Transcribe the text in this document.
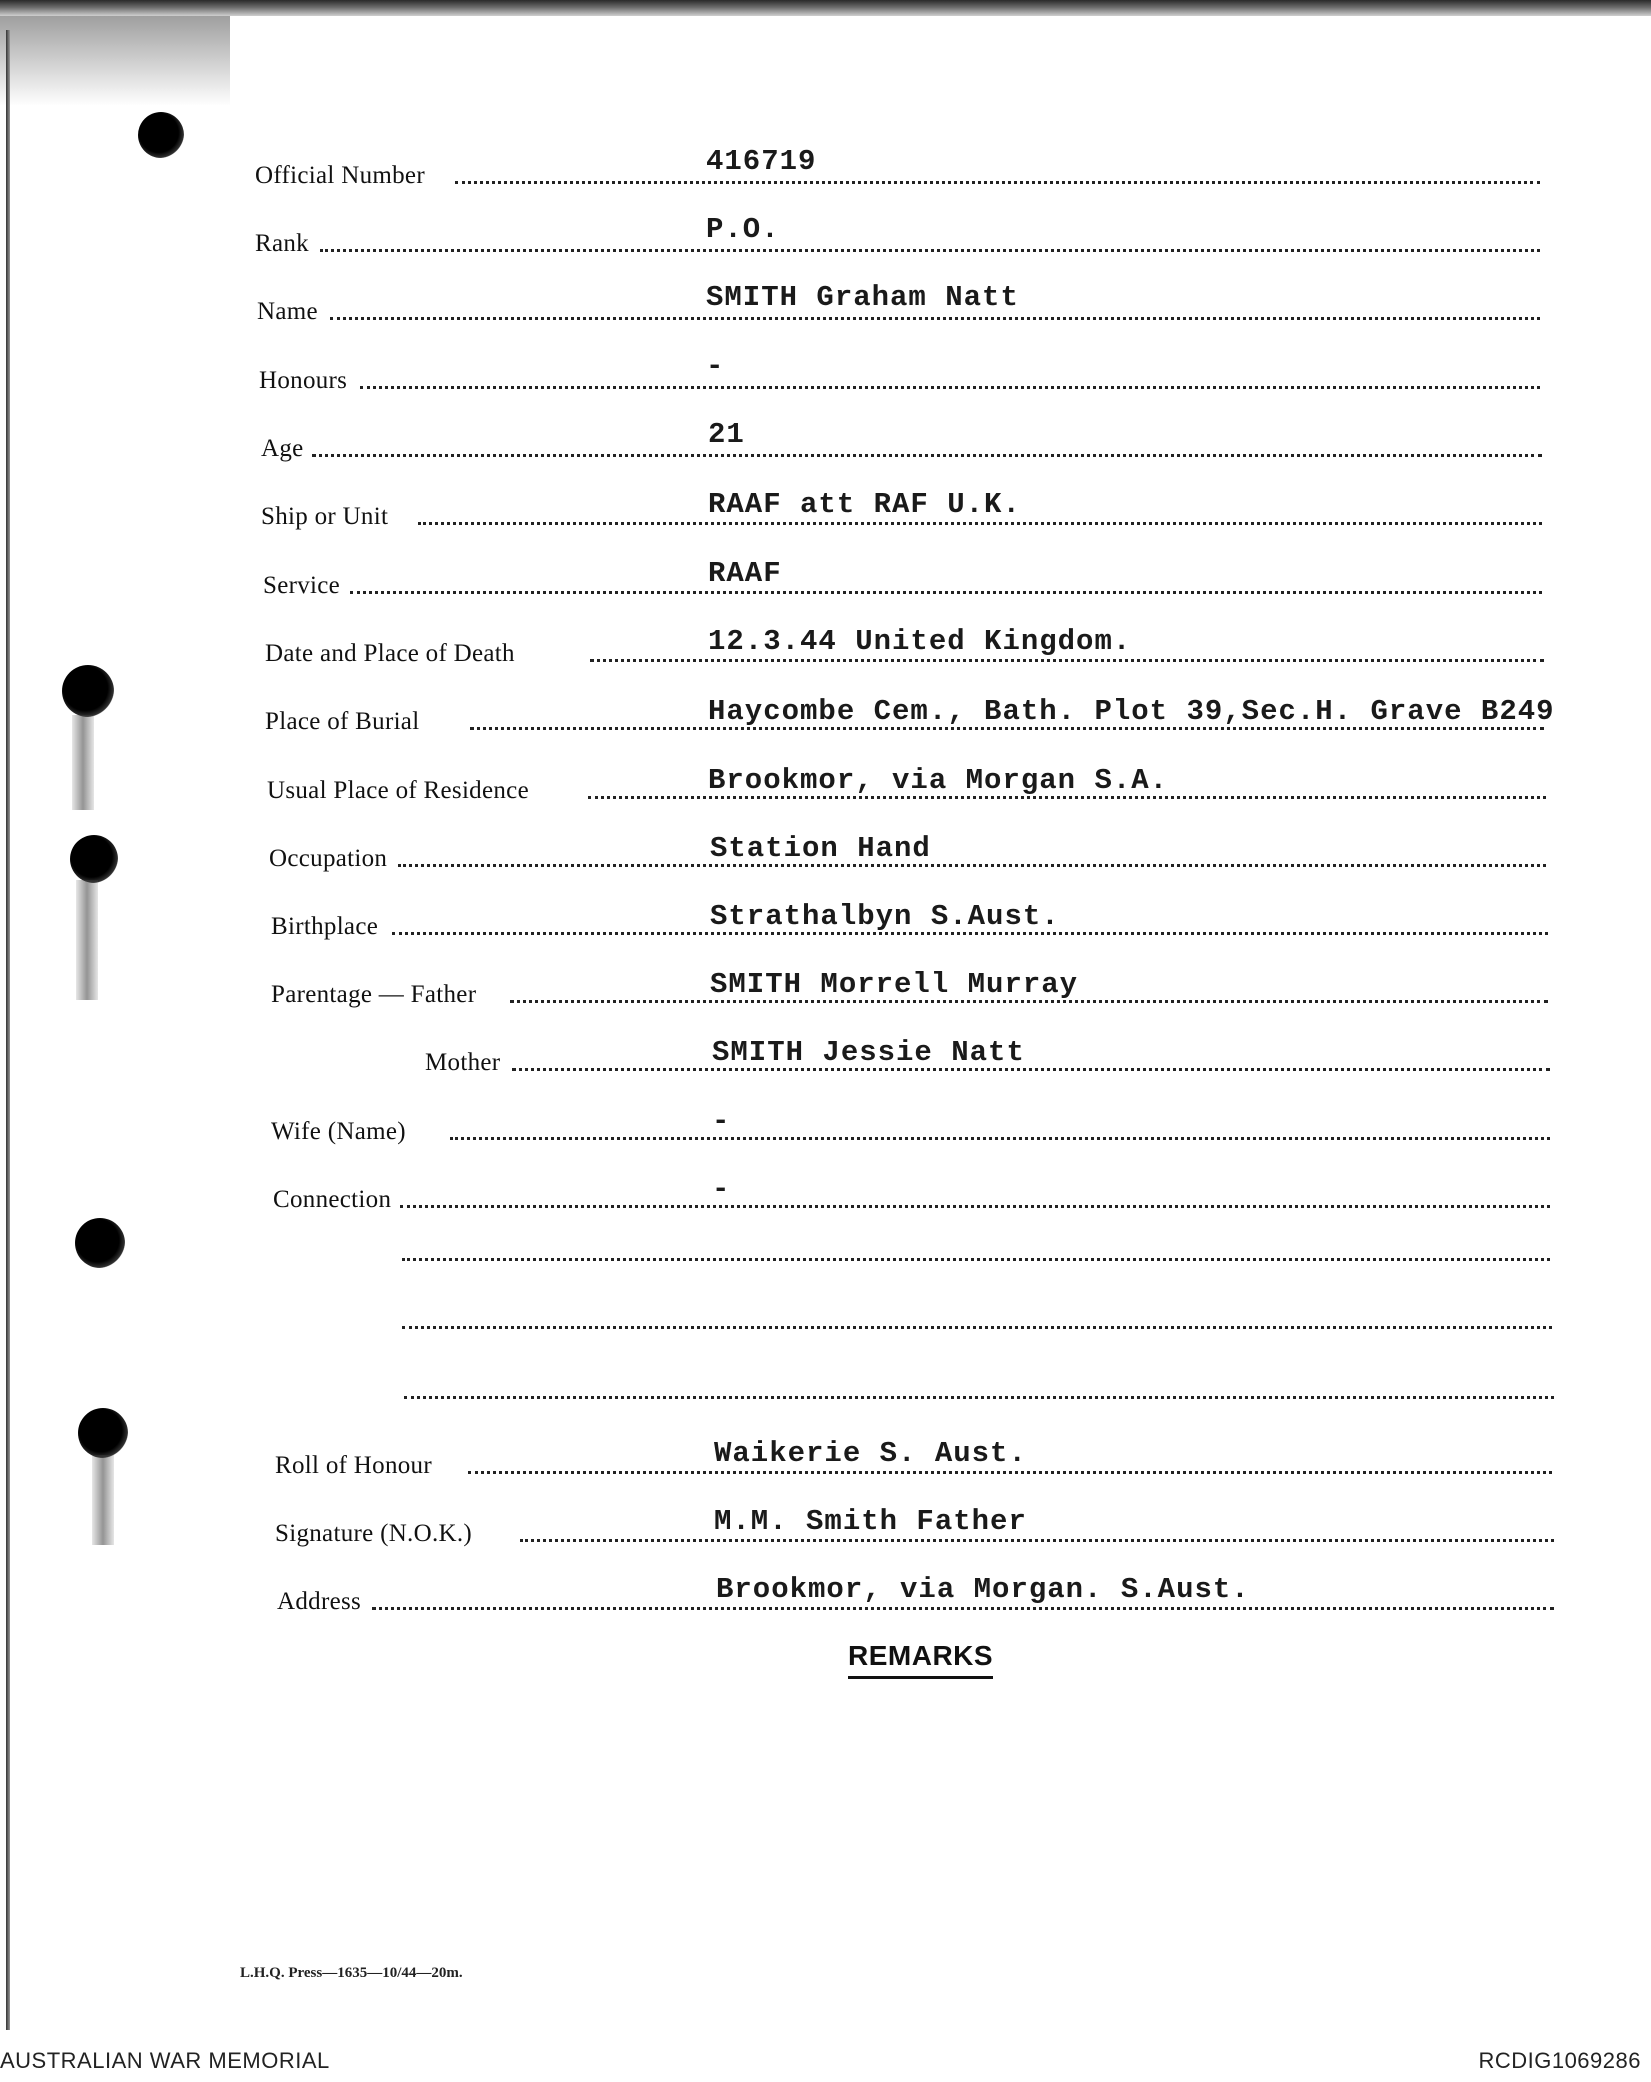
Official Number	416719
Rank	P.O.
Name	SMITH Graham Natt
Honours	-
Age	21
Ship or Unit	RAAF att RAF U.K.
Service	RAAF
Date and Place of Death	12.3.44 United Kingdom.
Place of Burial	Haycombe Cem., Bath. Plot 39,Sec.H. Grave B249
Usual Place of Residence	Brookmor, via Morgan S.A.
Occupation	Station Hand
Birthplace	Strathalbyn S.Aust.
Parentage — Father	SMITH Morrell Murray
Mother	SMITH Jessie Natt
Wife (Name)	-
Connection	-
Roll of Honour	Waikerie S. Aust.
Signature (N.O.K.)	M.M. Smith Father
Address	Brookmor, via Morgan. S.Aust.
REMARKS
L.H.Q. Press—1635—10/44—20m.
AUSTRALIAN WAR MEMORIAL	RCDIG1069286
